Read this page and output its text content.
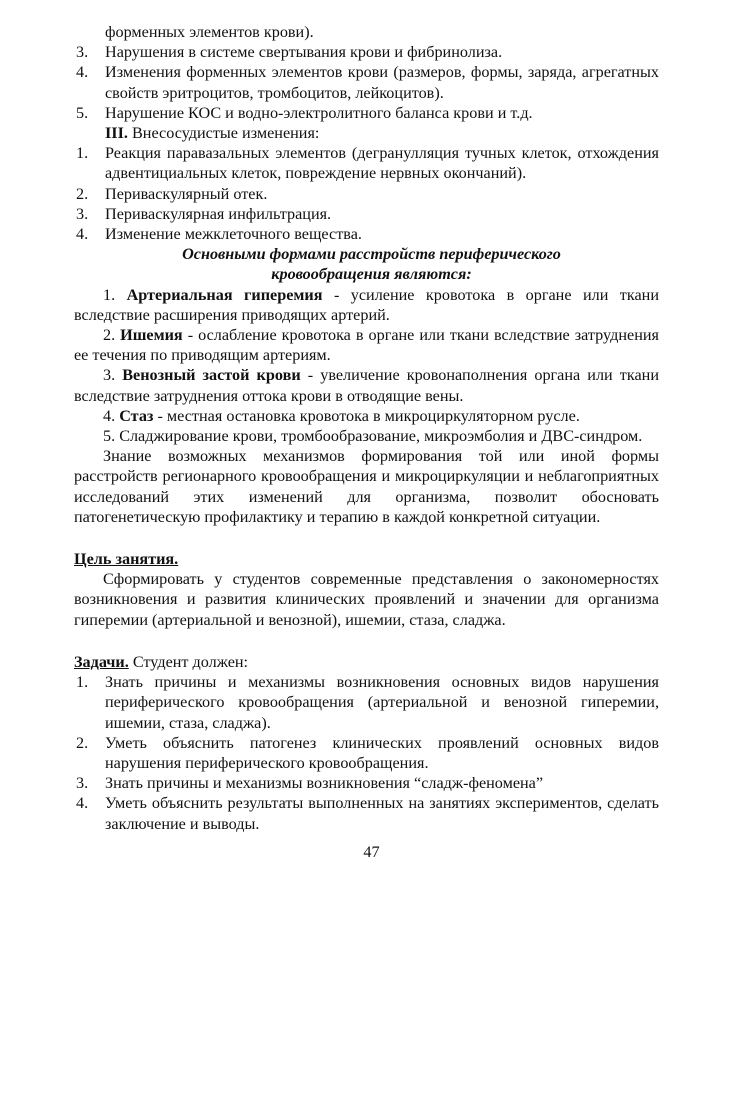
форменных элементов крови).
3. Нарушения в системе свертывания крови и фибринолиза.
4. Изменения форменных элементов крови (размеров, формы, заряда, агрегатных свойств эритроцитов, тромбоцитов, лейкоцитов).
5. Нарушение КОС и водно-электролитного баланса крови и т.д.
III. Внесосудистые изменения:
1. Реакция паравазальных элементов (дегранулляция тучных клеток, отхождения адвентициальных клеток, повреждение нервных окончаний).
2. Периваскулярный отек.
3. Периваскулярная инфильтрация.
4. Изменение межклеточного вещества.
Основными формами расстройств периферического
кровообращения являются:
1. Артериальная гиперемия - усиление кровотока в органе или ткани вследствие расширения приводящих артерий.
2. Ишемия - ослабление кровотока в органе или ткани вследствие затруднения ее течения по приводящим артериям.
3. Венозный застой крови - увеличение кровонаполнения органа или ткани вследствие затруднения оттока крови в отводящие вены.
4. Стаз - местная остановка кровотока в микроциркуляторном русле.
5. Сладжирование крови, тромбообразование, микроэмболия и ДВС-синдром.
Знание возможных механизмов формирования той или иной формы расстройств регионарного кровообращения и микроциркуляции и неблагоприятных исследований этих изменений для организма, позволит обосновать патогенетическую профилактику и терапию в каждой конкретной ситуации.
Цель занятия.
Сформировать у студентов современные представления о закономерностях возникновения и развития клинических проявлений и значении для организма гиперемии (артериальной и венозной), ишемии, стаза, сладжа.
Задачи. Студент должен:
1. Знать причины и механизмы возникновения основных видов нарушения периферического кровообращения (артериальной и венозной гиперемии, ишемии, стаза, сладжа).
2. Уметь объяснить патогенез клинических проявлений основных видов нарушения периферического кровообращения.
3. Знать причины и механизмы возникновения “сладж-феномена”
4. Уметь объяснить результаты выполненных на занятиях экспериментов, сделать заключение и выводы.
47
